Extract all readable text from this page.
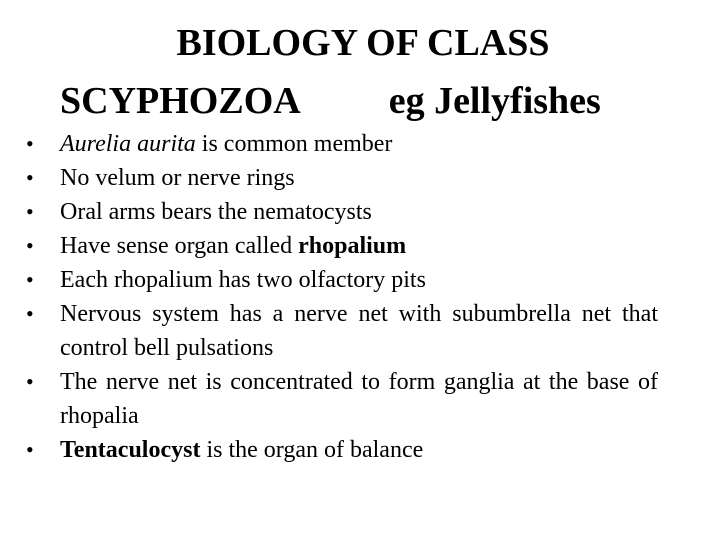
BIOLOGY OF CLASS
SCYPHOZOA eg Jellyfishes
• Aurelia aurita is common member
• No velum or nerve rings
• Oral arms bears the nematocysts
• Have sense organ called rhopalium
• Each rhopalium has two olfactory pits
• Nervous system has a nerve net with subumbrella net that control bell pulsations
• The nerve net is concentrated to form ganglia at the base of rhopalia
• Tentaculocyst is the organ of balance
